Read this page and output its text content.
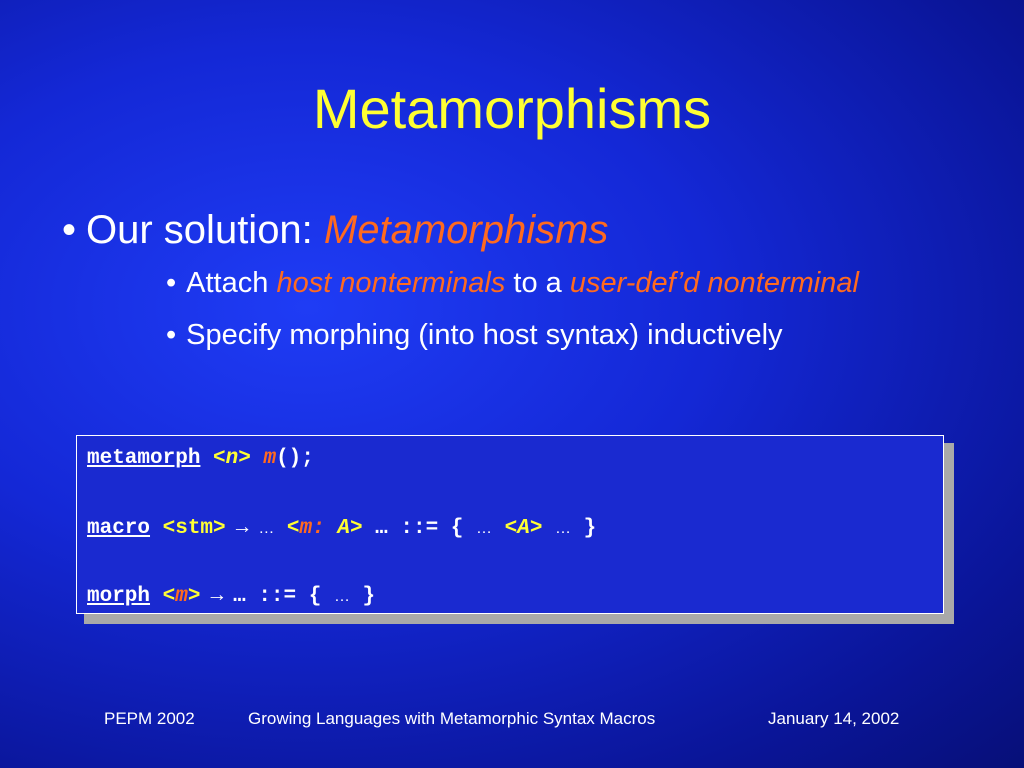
Metamorphisms
• Our solution: Metamorphisms
• Attach host nonterminals to a user-def’d nonterminal
• Specify morphing (into host syntax) inductively
metamorph <n> m();
macro <stm> → … <m: A> … ::= { … <A> … }
morph <m> → … ::= { … }
PEPM 2002	Growing Languages with Metamorphic Syntax Macros	January 14, 2002
